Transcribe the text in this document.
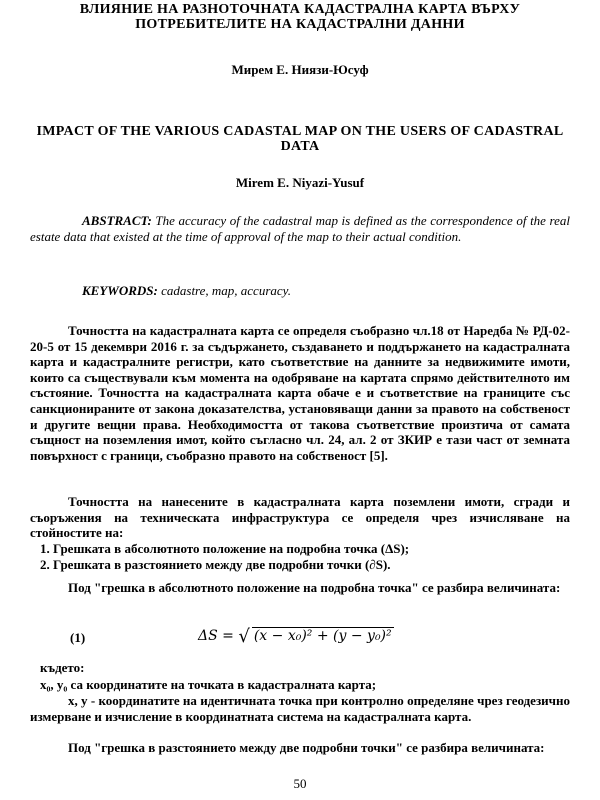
ВЛИЯНИЕ НА РАЗНОТОЧНАТА КАДАСТРАЛНА КАРТА ВЪРХУ ПОТРЕБИТЕЛИТЕ НА КАДАСТРАЛНИ ДАННИ
Мирем Е. Ниязи-Юсуф
IMPACT OF THE VARIOUS CADASTAL MAP ON THE USERS OF CADASTRAL DATA
Mirem E. Niyazi-Yusuf
ABSTRACT: The accuracy of the cadastral map is defined as the correspondence of the real estate data that existed at the time of approval of the map to their actual condition.
KEYWORDS: cadastre, map, accuracy.
Точността на кадастралната карта се определя съобразно чл.18 от Наредба № РД-02-20-5 от 15 декември 2016 г. за съдържането, създаването и поддържането на кадастралната карта и кадастралните регистри, като съответствие на данните за недвижимите имоти, които са съществували към момента на одобряване на картата спрямо действителното им състояние. Точността на кадастралната карта обаче е и съответствие на границите със санкционираните от закона доказателства, установяващи данни за правото на собственост и другите вещни права. Необходимостта от такова съответствие произтича от самата същност на поземления имот, който съгласно чл. 24, ал. 2 от ЗКИР е тази част от земната повърхност с граници, съобразно правото на собственост [5].
Точността на нанесените в кадастралната карта поземлени имоти, сгради и съоръжения на техническата инфраструктура се определя чрез изчисляване на стойностите на:
1. Грешката в абсолютното положение на подробна точка (ΔS);
2. Грешката в разстоянието между две подробни точки (∂S).
Под "грешка в абсолютното положение на подробна точка" се разбира величината:
(1)	ΔS = √ (x − x₀)² + (y − y₀)²
където:
x₀, y₀ са координатите на точката в кадастралната карта;
x, y - координатите на идентичната точка при контролно определяне чрез геодезично измерване и изчисление в координатната система на кадастралната карта.
Под "грешка в разстоянието между две подробни точки" се разбира величината:
50
